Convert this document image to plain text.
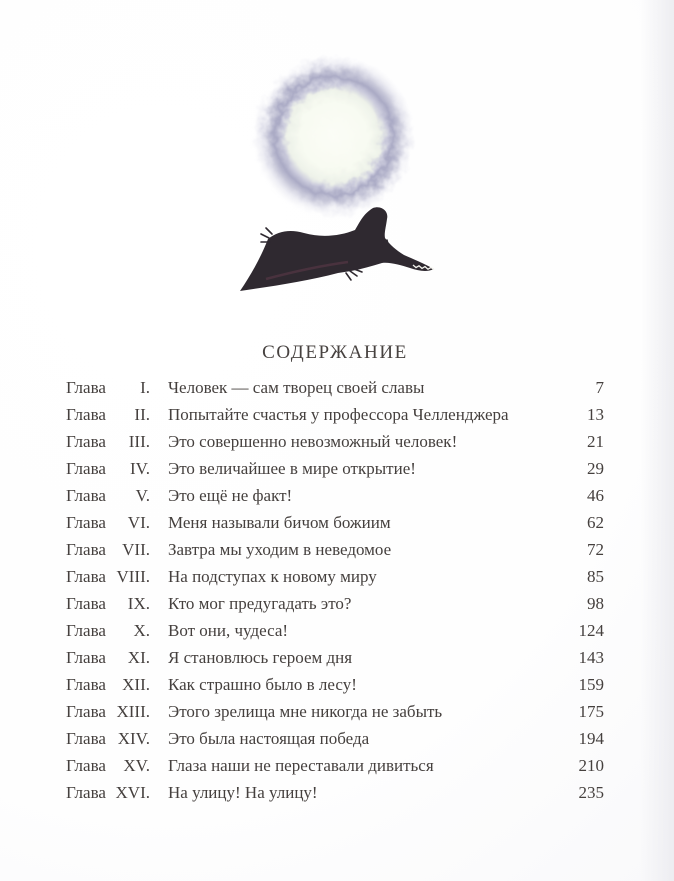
СОДЕРЖАНИЕ
Глава	I.	Человек — сам творец своей славы	7
Глава	II.	Попытайте счастья у профессора Челленджера	13
Глава	III.	Это совершенно невозможный человек!	21
Глава	IV.	Это величайшее в мире открытие!	29
Глава	V.	Это ещё не факт!	46
Глава	VI.	Меня называли бичом божиим	62
Глава VII.	Завтра мы уходим в неведомое	72
Глава VIII.	На подступах к новому миру	85
Глава	IX.	Кто мог предугадать это?	98
Глава	X.	Вот они, чудеса!	124
Глава	XI.	Я становлюсь героем дня	143
Глава XII.	Как страшно было в лесу!	159
Глава XIII.	Этого зрелища мне никогда не забыть	175
Глава XIV.	Это была настоящая победа	194
Глава	XV.	Глаза наши не переставали дивиться	210
Глава XVI.	На улицу! На улицу!	235
